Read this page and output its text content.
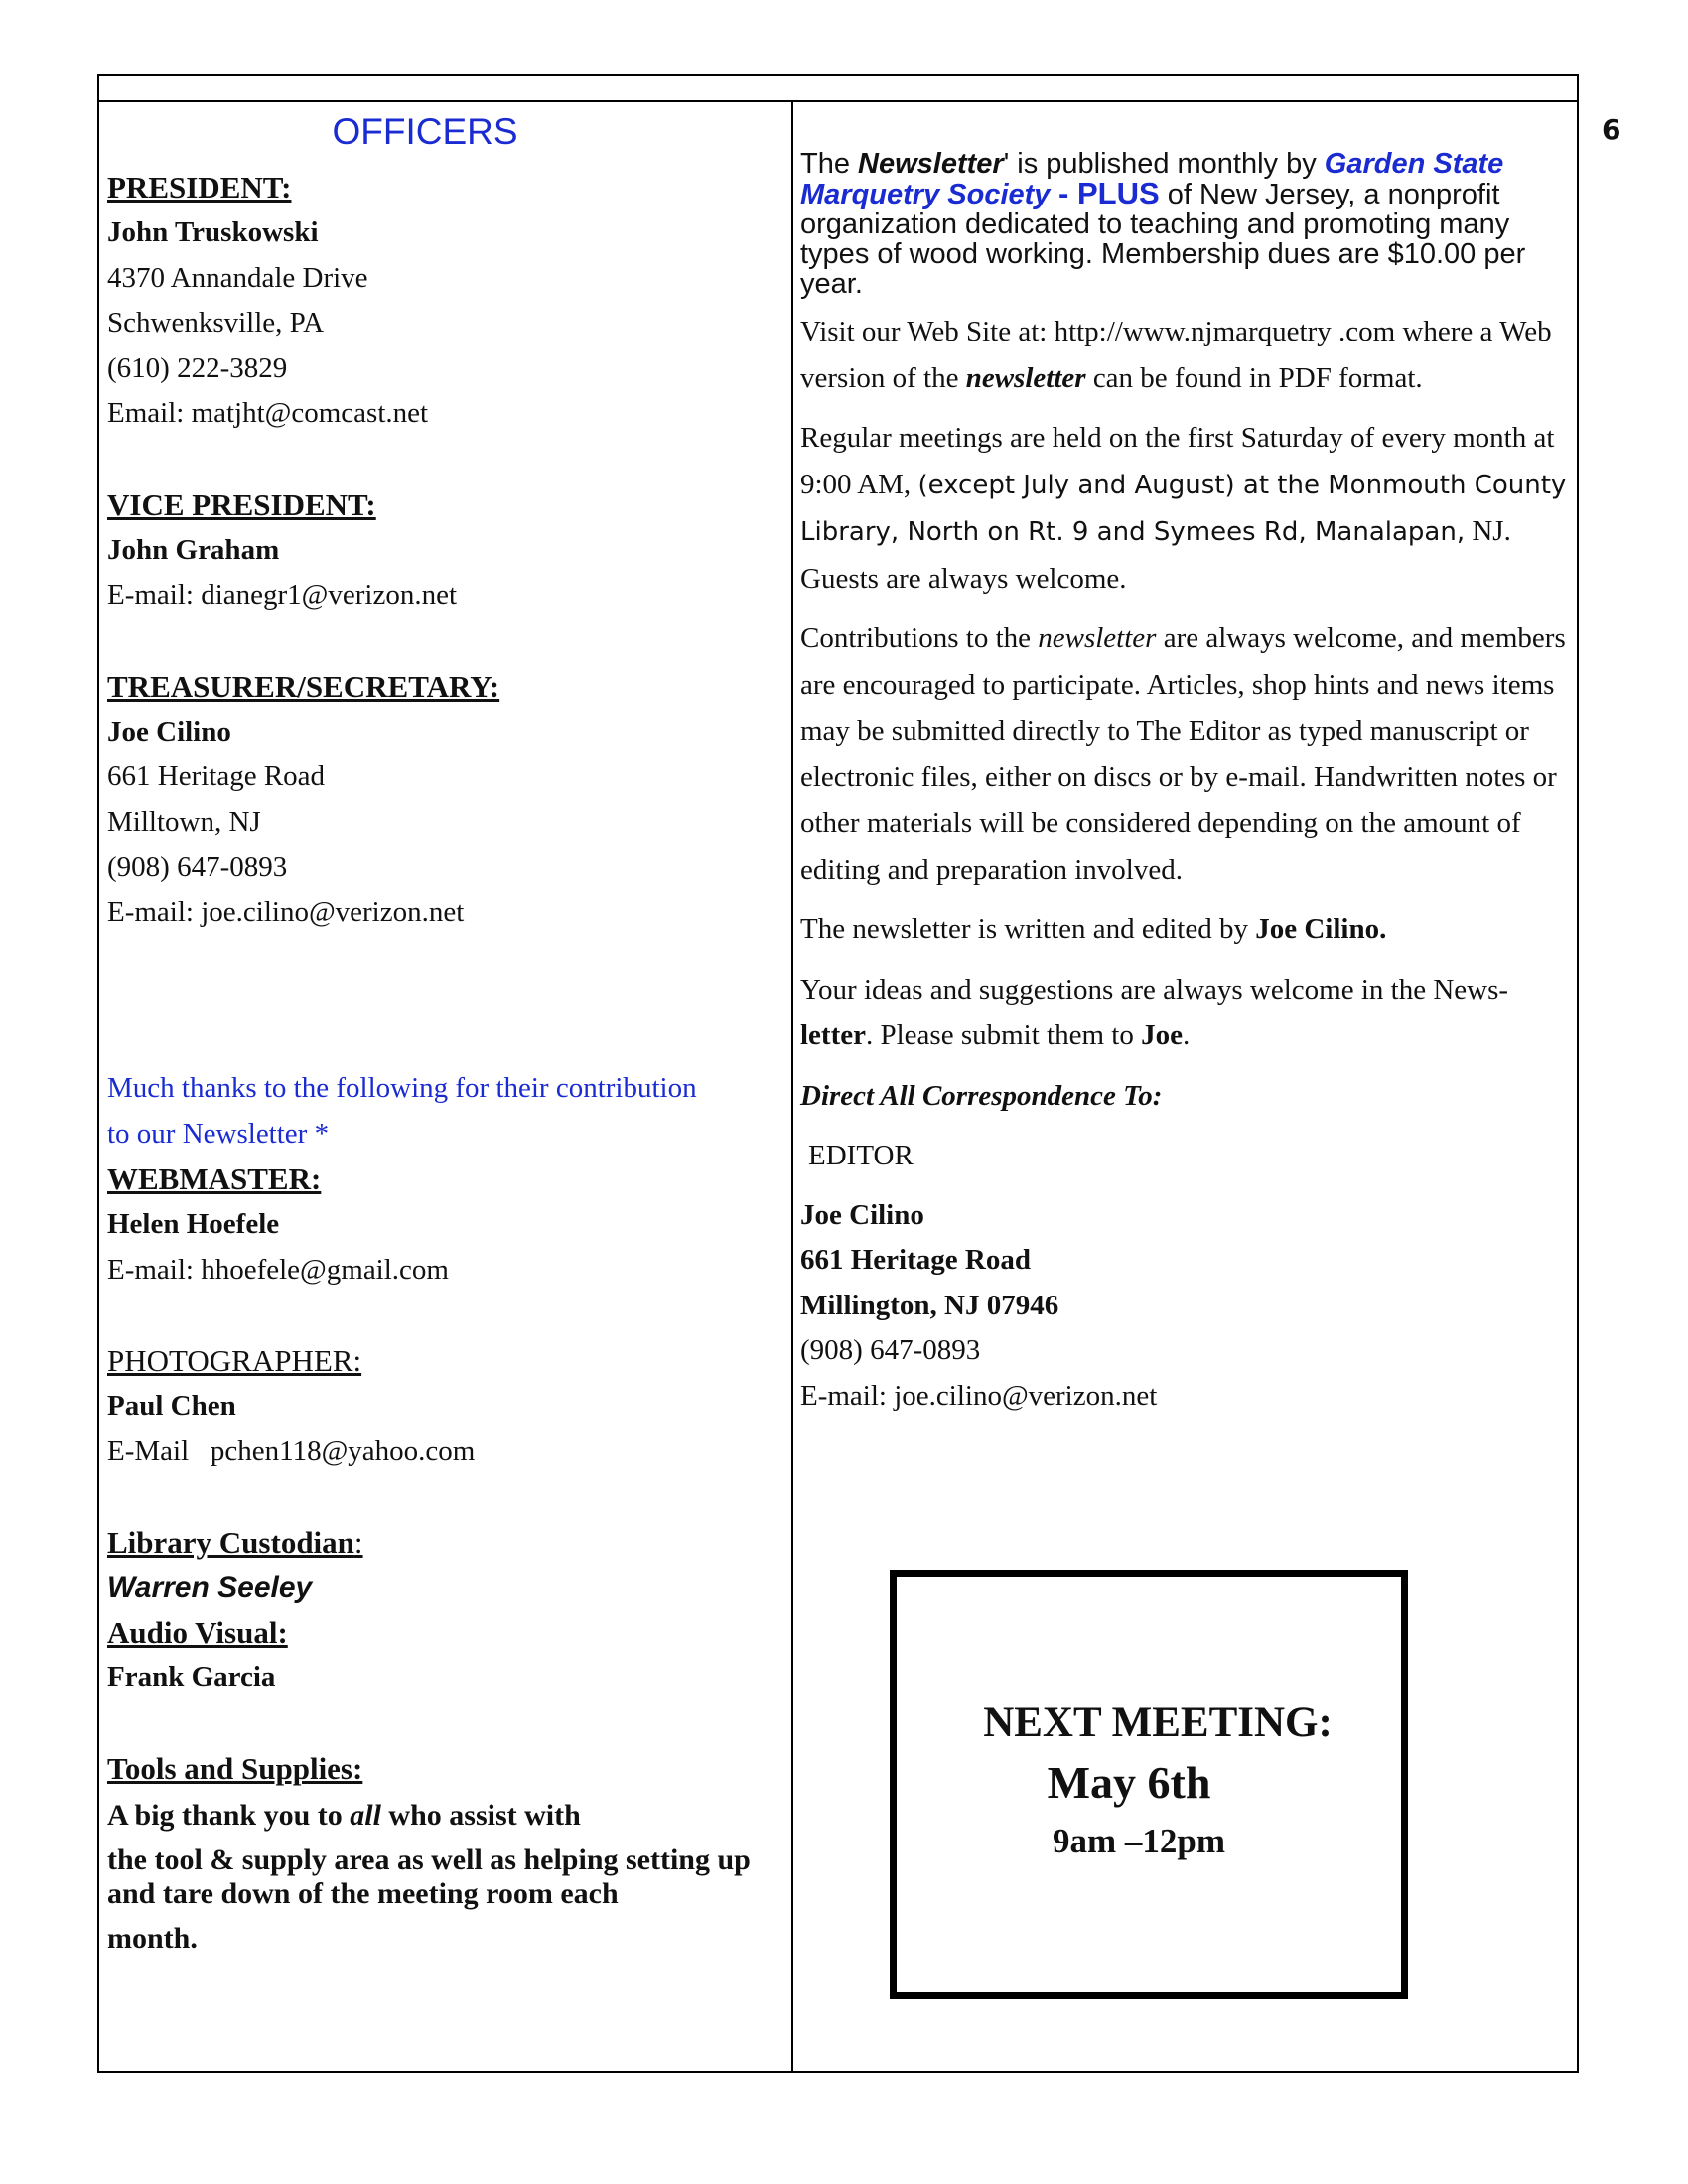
6
OFFICERS
PRESIDENT:
John Truskowski
4370 Annandale Drive
Schwenksville, PA
(610) 222-3829
Email: matjht@comcast.net
VICE PRESIDENT:
John Graham
E-mail: dianegr1@verizon.net
TREASURER/SECRETARY:
Joe Cilino
661 Heritage Road
Milltown, NJ
(908) 647-0893
E-mail: joe.cilino@verizon.net
Much thanks to the following for their contribution
to our Newsletter *
WEBMASTER:
Helen Hoefele
E-mail: hhoefele@gmail.com
PHOTOGRAPHER:
Paul Chen
E-Mail pchen118@yahoo.com
Library Custodian:
Warren Seeley
Audio Visual:
Frank Garcia
Tools and Supplies:
A big thank you to all who assist with
the tool & supply area as well as helping setting up and tare down of the meeting room each
month.
The Newsletter' is published monthly by Garden State Marquetry Society - PLUS of New Jersey, a nonprofit organization dedicated to teaching and promoting many types of wood working. Membership dues are $10.00 per year.
Visit our Web Site at: http://www.njmarquetry .com where a Web version of the newsletter can be found in PDF format.
Regular meetings are held on the first Saturday of every month at 9:00 AM, (except July and August) at the Monmouth County Library, North on Rt. 9 and Symees Rd, Manalapan, NJ. Guests are always welcome.
Contributions to the newsletter are always welcome, and members are encouraged to participate. Articles, shop hints and news items may be submitted directly to The Editor as typed manuscript or electronic files, either on discs or by e-mail. Handwritten notes or other materials will be considered depending on the amount of editing and preparation involved.
The newsletter is written and edited by Joe Cilino.
Your ideas and suggestions are always welcome in the News-letter. Please submit them to Joe.
Direct All Correspondence To:
EDITOR
Joe Cilino
661 Heritage Road
Millington, NJ 07946
(908) 647-0893
E-mail: joe.cilino@verizon.net
NEXT MEETING:
May 6th
9am –12pm
